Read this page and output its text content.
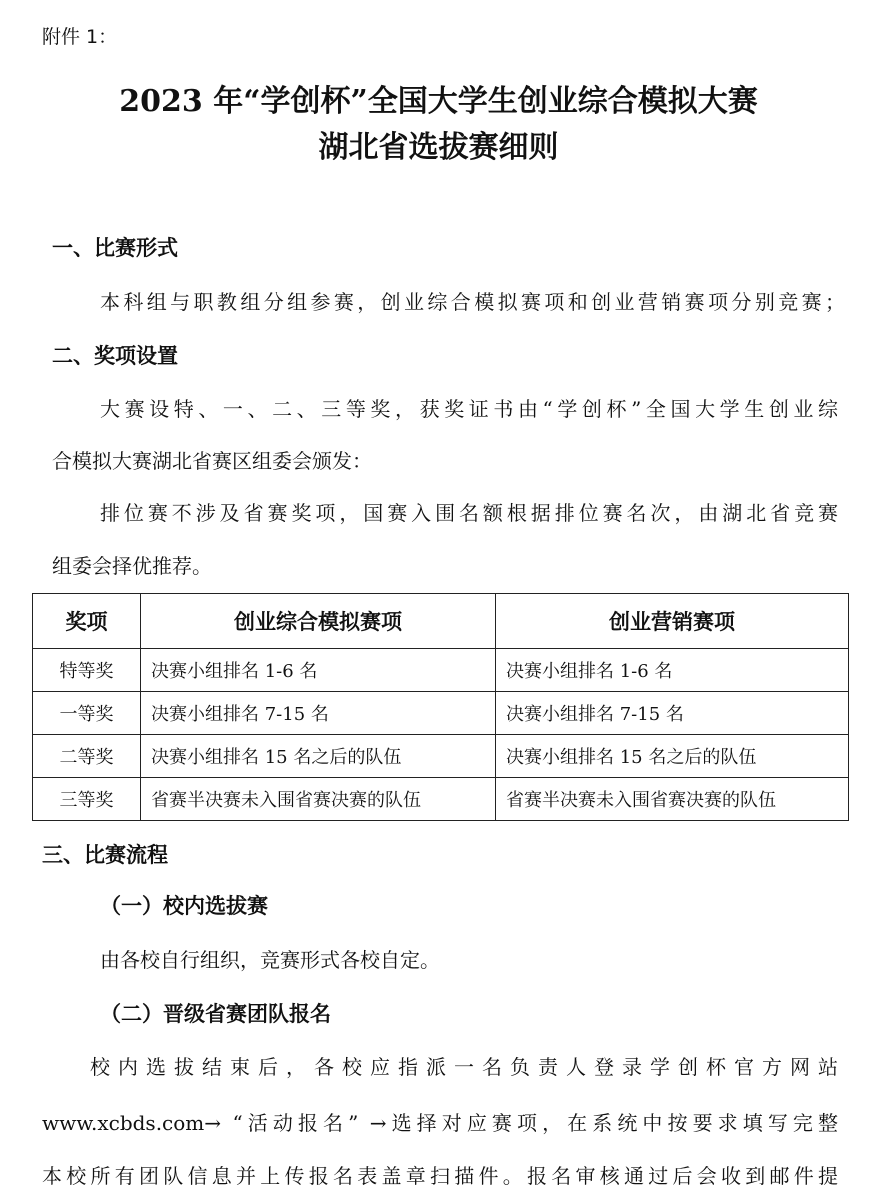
附件 1：
2023 年“学创杯”全国大学生创业综合模拟大赛
湖北省选拔赛细则
一、比赛形式
本科组与职教组分组参赛，创业综合模拟赛项和创业营销赛项分别竞赛；
二、奖项设置
大赛设特、一、二、三等奖，获奖证书由“学创杯”全国大学生创业综
合模拟大赛湖北省赛区组委会颁发：
排位赛不涉及省赛奖项，国赛入围名额根据排位赛名次，由湖北省竞赛
组委会择优推荐。
奖项	创业综合模拟赛项	创业营销赛项
特等奖	决赛小组排名 1-6 名	决赛小组排名 1-6 名
一等奖	决赛小组排名 7-15 名	决赛小组排名 7-15 名
二等奖	决赛小组排名 15 名之后的队伍	决赛小组排名 15 名之后的队伍
三等奖	省赛半决赛未入围省赛决赛的队伍	省赛半决赛未入围省赛决赛的队伍
三、比赛流程
（一）校内选拔赛
由各校自行组织，竞赛形式各校自定。
（二）晋级省赛团队报名
校内选拔结束后，各校应指派一名负责人登录学创杯官方网站
www.xcbds.com→ “活动报名” →选择对应赛项，在系统中按要求填写完整
本校所有团队信息并上传报名表盖章扫描件。报名审核通过后会收到邮件提
